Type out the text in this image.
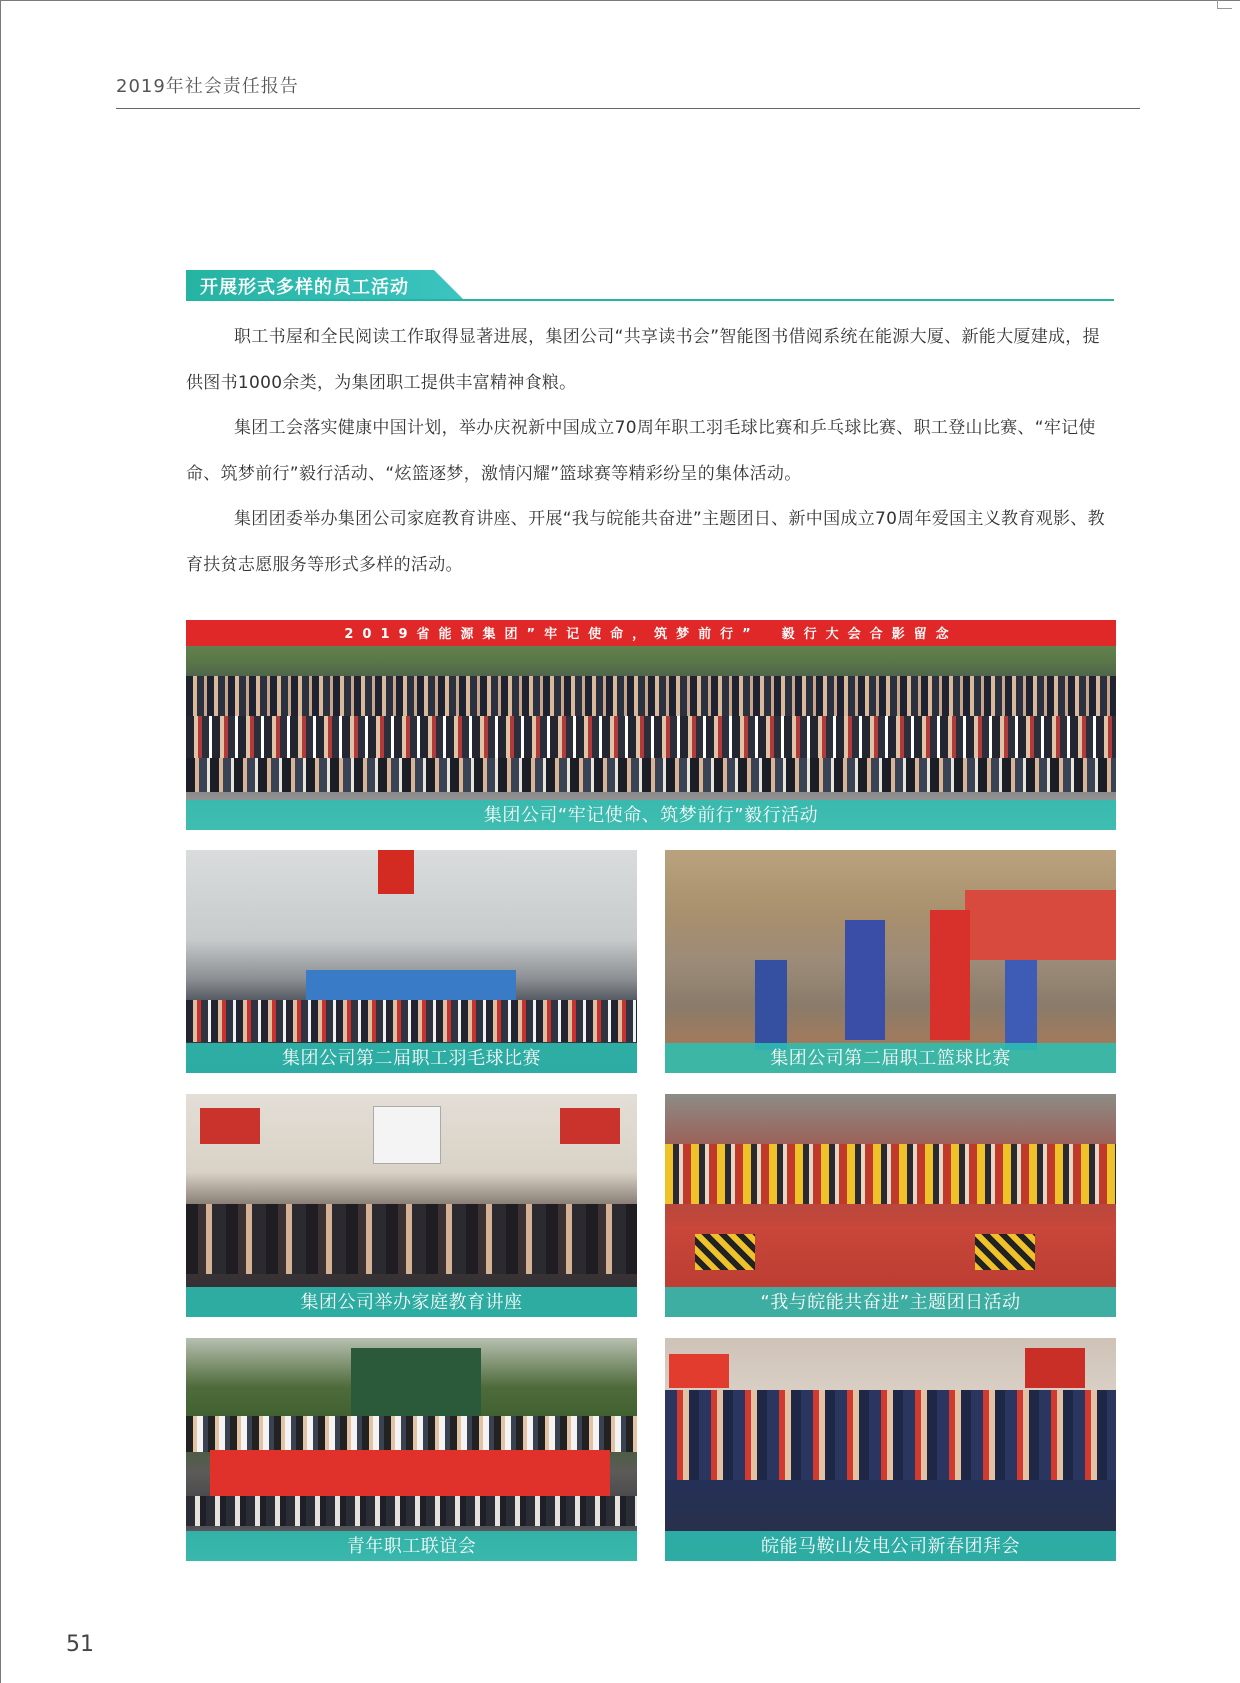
2019年社会责任报告
开展形式多样的员工活动

职工书屋和全民阅读工作取得显著进展，集团公司“共享读书会”智能图书借阅系统在能源大厦、新能大厦建成，提供图书1000余类，为集团职工提供丰富精神食粮。

集团工会落实健康中国计划，举办庆祝新中国成立70周年职工羽毛球比赛和乒乓球比赛、职工登山比赛、“牢记使命、筑梦前行”毅行活动、“炫篮逐梦，激情闪耀”篮球赛等精彩纷呈的集体活动。

集团团委举办集团公司家庭教育讲座、开展“我与皖能共奋进”主题团日、新中国成立70周年爱国主义教育观影、教育扶贫志愿服务等形式多样的活动。

2019省能源集团”牢记使命，筑梦前行”　毅行大会合影留念
集团公司“牢记使命、筑梦前行”毅行活动
集团公司第二届职工羽毛球比赛	集团公司第二届职工篮球比赛
集团公司举办家庭教育讲座	“我与皖能共奋进”主题团日活动
青年职工联谊会	皖能马鞍山发电公司新春团拜会
51
